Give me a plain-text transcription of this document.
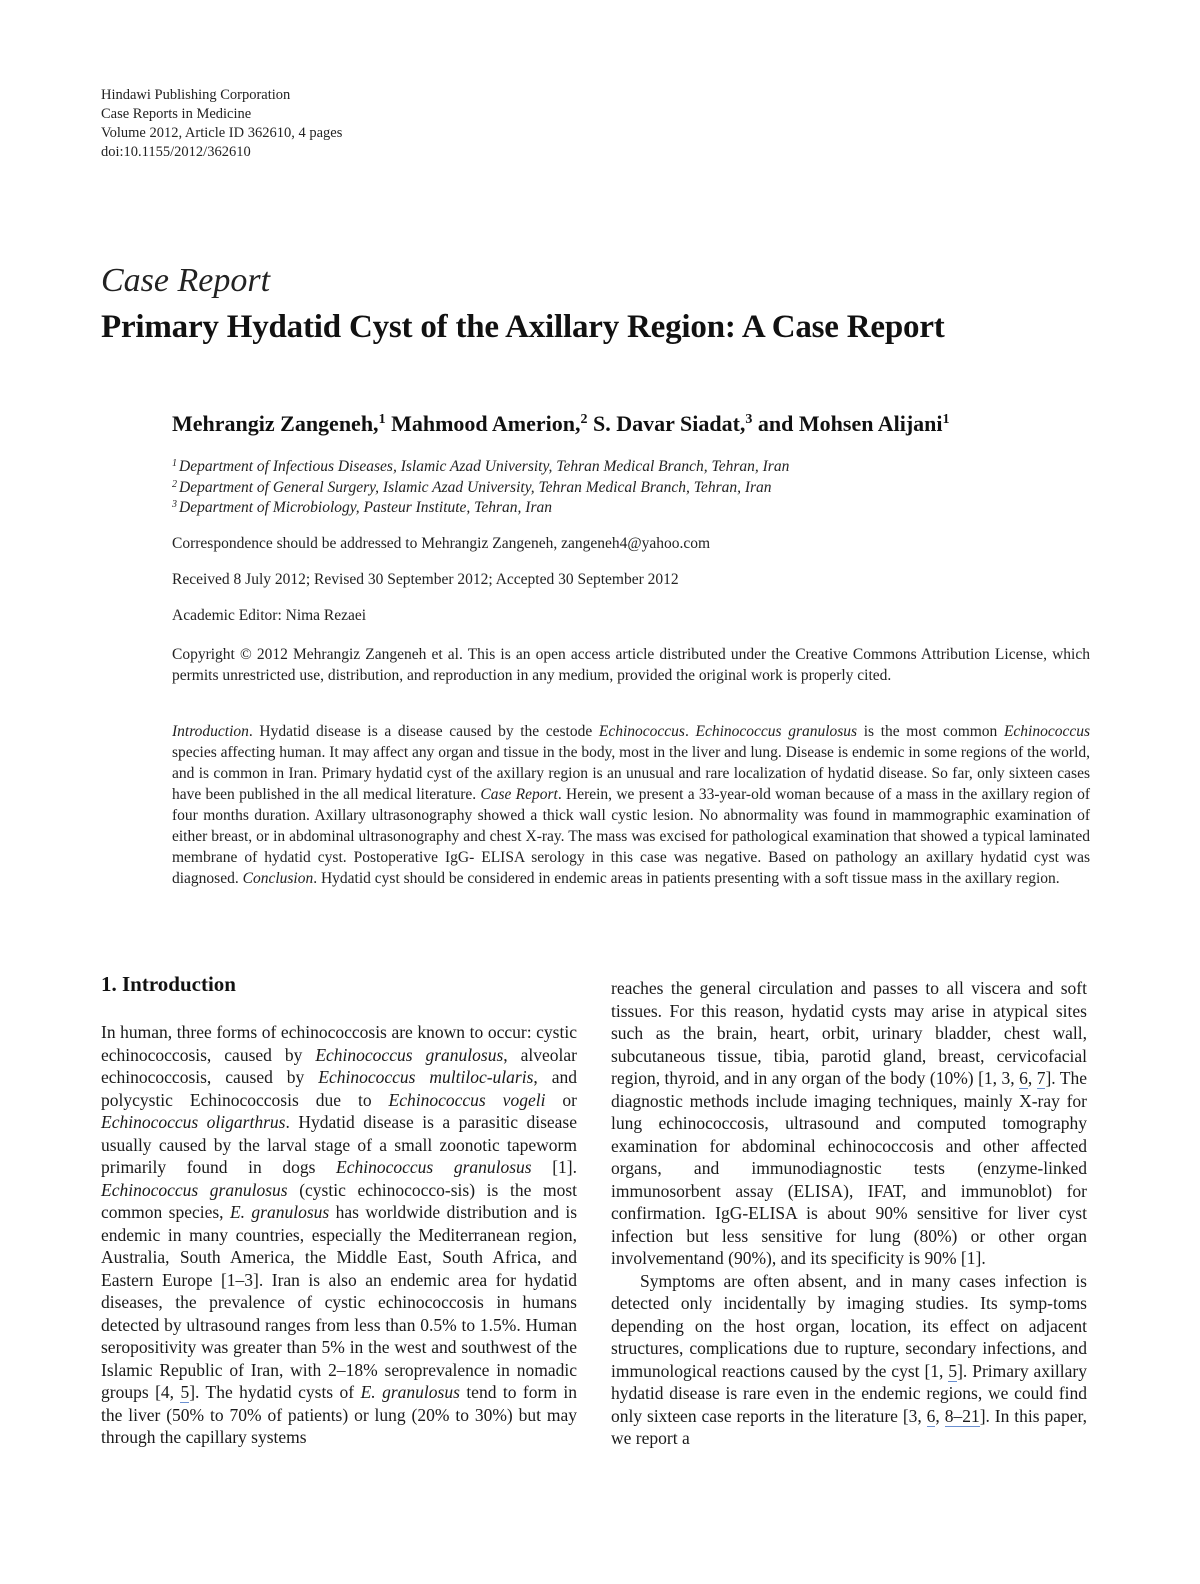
Hindawi Publishing Corporation
Case Reports in Medicine
Volume 2012, Article ID 362610, 4 pages
doi:10.1155/2012/362610
Case Report
Primary Hydatid Cyst of the Axillary Region: A Case Report
Mehrangiz Zangeneh,$^1$ Mahmood Amerion,$^2$ S. Davar Siadat,$^3$ and Mohsen Alijani$^1$
$^1$ Department of Infectious Diseases, Islamic Azad University, Tehran Medical Branch, Tehran, Iran
$^2$ Department of General Surgery, Islamic Azad University, Tehran Medical Branch, Tehran, Iran
$^3$ Department of Microbiology, Pasteur Institute, Tehran, Iran
Correspondence should be addressed to Mehrangiz Zangeneh, zangeneh4@yahoo.com
Received 8 July 2012; Revised 30 September 2012; Accepted 30 September 2012
Academic Editor: Nima Rezaei
Copyright © 2012 Mehrangiz Zangeneh et al. This is an open access article distributed under the Creative Commons Attribution License, which permits unrestricted use, distribution, and reproduction in any medium, provided the original work is properly cited.
Introduction. Hydatid disease is a disease caused by the cestode Echinococcus. Echinococcus granulosus is the most common Echinococcus species affecting human. It may affect any organ and tissue in the body, most in the liver and lung. Disease is endemic in some regions of the world, and is common in Iran. Primary hydatid cyst of the axillary region is an unusual and rare localization of hydatid disease. So far, only sixteen cases have been published in the all medical literature. Case Report. Herein, we present a 33-year-old woman because of a mass in the axillary region of four months duration. Axillary ultrasonography showed a thick wall cystic lesion. No abnormality was found in mammographic examination of either breast, or in abdominal ultrasonography and chest X-ray. The mass was excised for pathological examination that showed a typical laminated membrane of hydatid cyst. Postoperative IgG- ELISA serology in this case was negative. Based on pathology an axillary hydatid cyst was diagnosed. Conclusion. Hydatid cyst should be considered in endemic areas in patients presenting with a soft tissue mass in the axillary region.
1. Introduction

In human, three forms of echinococcosis are known to occur: cystic echinococcosis, caused by Echinococcus granulosus, alveolar echinococcosis, caused by Echinococcus multiloc-ularis, and polycystic Echinococcosis due to Echinococcus vogeli or Echinococcus oligarthrus. Hydatid disease is a parasitic disease usually caused by the larval stage of a small zoonotic tapeworm primarily found in dogs Echinococcus granulosus [1]. Echinococcus granulosus (cystic echinococco-sis) is the most common species, E. granulosus has worldwide distribution and is endemic in many countries, especially the Mediterranean region, Australia, South America, the Middle East, South Africa, and Eastern Europe [1–3]. Iran is also an endemic area for hydatid diseases, the prevalence of cystic echinococcosis in humans detected by ultrasound ranges from less than 0.5% to 1.5%. Human seropositivity was greater than 5% in the west and southwest of the Islamic Republic of Iran, with 2–18% seroprevalence in nomadic groups [4, 5]. The hydatid cysts of E. granulosus tend to form in the liver (50% to 70% of patients) or lung (20% to 30%) but may through the capillary systems

reaches the general circulation and passes to all viscera and soft tissues. For this reason, hydatid cysts may arise in atypical sites such as the brain, heart, orbit, urinary bladder, chest wall, subcutaneous tissue, tibia, parotid gland, breast, cervicofacial region, thyroid, and in any organ of the body (10%) [1, 3, 6, 7]. The diagnostic methods include imaging techniques, mainly X-ray for lung echinococcosis, ultrasound and computed tomography examination for abdominal echinococcosis and other affected organs, and immunodiagnostic tests (enzyme-linked immunosorbent assay (ELISA), IFAT, and immunoblot) for confirmation. IgG-ELISA is about 90% sensitive for liver cyst infection but less sensitive for lung (80%) or other organ involvementand (90%), and its specificity is 90% [1].

Symptoms are often absent, and in many cases infection is detected only incidentally by imaging studies. Its symp-toms depending on the host organ, location, its effect on adjacent structures, complications due to rupture, secondary infections, and immunological reactions caused by the cyst [1, 5]. Primary axillary hydatid disease is rare even in the endemic regions, we could find only sixteen case reports in the literature [3, 6, 8–21]. In this paper, we report a
